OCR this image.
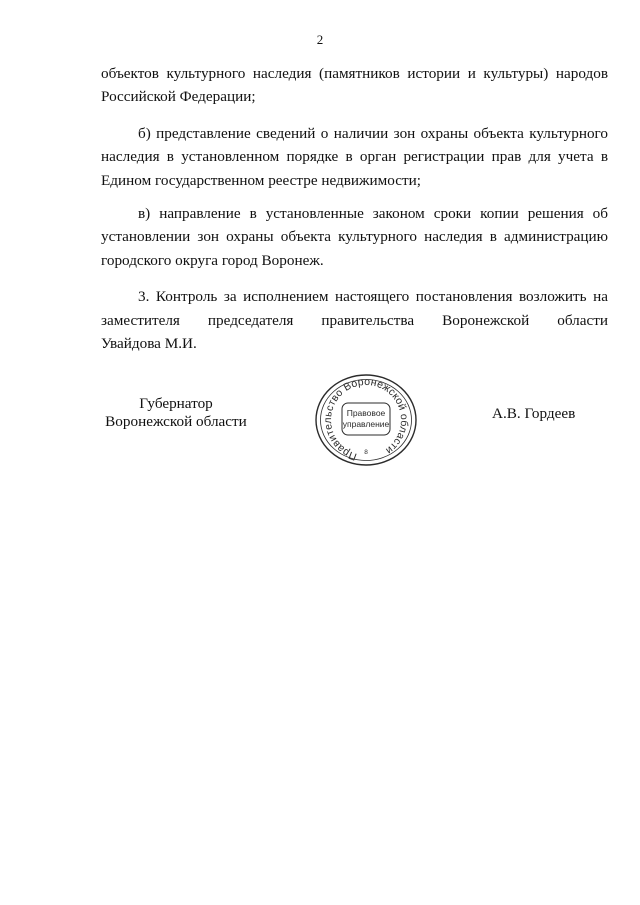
2

объектов культурного наследия (памятников истории и культуры) народов

Российской Федерации;

б) представление сведений о наличии зон охраны объекта культурного

наследия в установленном порядке в орган регистрации прав для учета в

Едином государственном реестре недвижимости;

в) направление в установленные законом сроки копии решения об

установлении зон охраны объекта культурного наследия в администрацию

городского округа город Воронеж.

3. Контроль за исполнением настоящего постановления возложить на

заместителя председателя правительства Воронежской области

Увайдова М.И.

Губернатор
Воронежской области
Правительство Воронежской области
Правовое
управление
8
А.В. Гордеев
